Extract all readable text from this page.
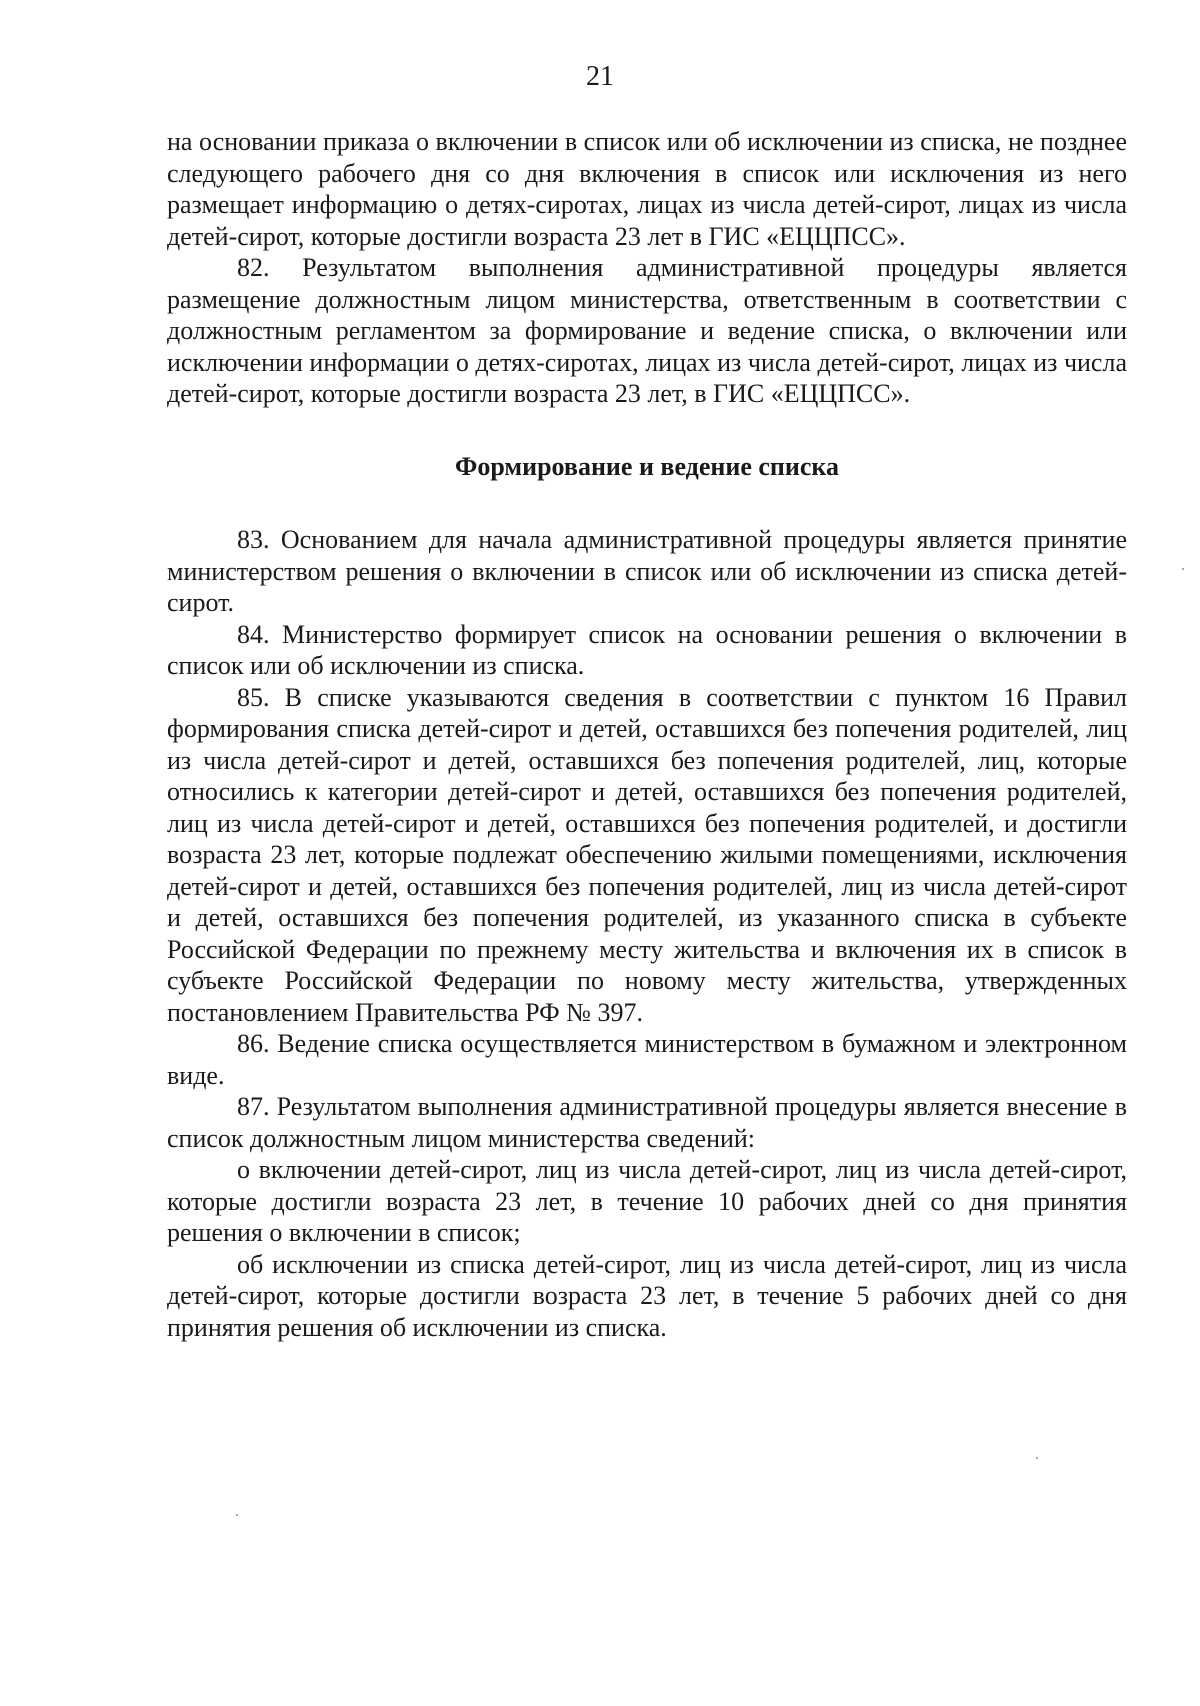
21

на основании приказа о включении в список или об исключении из списка, не позднее следующего рабочего дня со дня включения в список или исключения из него размещает информацию о детях-сиротах, лицах из числа детей-сирот, лицах из числа детей-сирот, которые достигли возраста 23 лет в ГИС «ЕЦЦПСС».

82. Результатом выполнения административной процедуры является размещение должностным лицом министерства, ответственным в соответствии с должностным регламентом за формирование и ведение списка, о включении или исключении информации о детях-сиротах, лицах из числа детей-сирот, лицах из числа детей-сирот, которые достигли возраста 23 лет, в ГИС «ЕЦЦПСС».

Формирование и ведение списка

83. Основанием для начала административной процедуры является принятие министерством решения о включении в список или об исключении из списка детей-сирот.

84. Министерство формирует список на основании решения о включении в список или об исключении из списка.

85. В списке указываются сведения в соответствии с пунктом 16 Правил формирования списка детей-сирот и детей, оставшихся без попечения родителей, лиц из числа детей-сирот и детей, оставшихся без попечения родителей, лиц, которые относились к категории детей-сирот и детей, оставшихся без попечения родителей, лиц из числа детей-сирот и детей, оставшихся без попечения родителей, и достигли возраста 23 лет, которые подлежат обеспечению жилыми помещениями, исключения детей-сирот и детей, оставшихся без попечения родителей, лиц из числа детей-сирот и детей, оставшихся без попечения родителей, из указанного списка в субъекте Российской Федерации по прежнему месту жительства и включения их в список в субъекте Российской Федерации по новому месту жительства, утвержденных постановлением Правительства РФ № 397.

86. Ведение списка осуществляется министерством в бумажном и электронном виде.

87. Результатом выполнения административной процедуры является внесение в список должностным лицом министерства сведений:

о включении детей-сирот, лиц из числа детей-сирот, лиц из числа детей-сирот, которые достигли возраста 23 лет, в течение 10 рабочих дней со дня принятия решения о включении в список;

об исключении из списка детей-сирот, лиц из числа детей-сирот, лиц из числа детей-сирот, которые достигли возраста 23 лет, в течение 5 рабочих дней со дня принятия решения об исключении из списка.
